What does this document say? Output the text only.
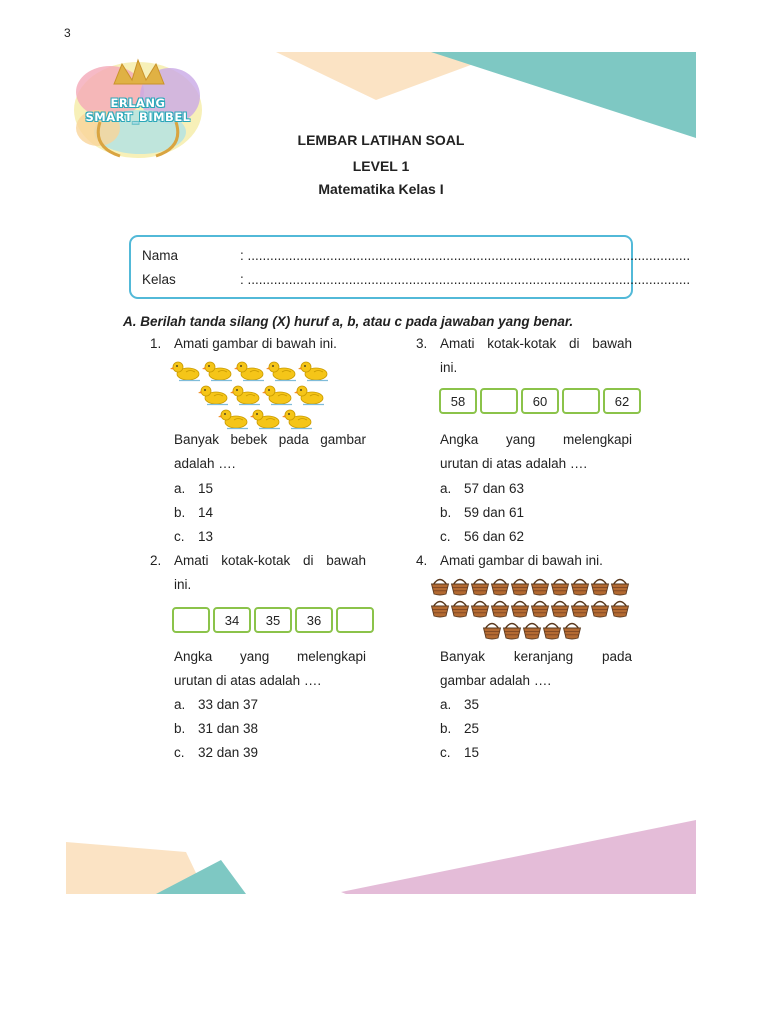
3
ERLANG
SMART_BIMBEL
LEMBAR LATIHAN SOAL
LEVEL 1
Matematika Kelas I
Nama	: ......................................................................................................................
Kelas	: ......................................................................................................................
A. Berilah tanda silang (X) huruf a, b, atau c pada jawaban yang benar.
1. Amati gambar di bawah ini.
Banyak bebek pada gambar
adalah ….
a. 15
b. 14
c. 13
2. Amati kotak-kotak di bawah
ini.
34	35	36
Angka yang melengkapi
urutan di atas adalah ….
a. 33 dan 37
b. 31 dan 38
c. 32 dan 39
3. Amati kotak-kotak di bawah
ini.
58	60	62
Angka yang melengkapi
urutan di atas adalah ….
a. 57 dan 63
b. 59 dan 61
c. 56 dan 62
4. Amati gambar di bawah ini.
Banyak keranjang pada
gambar adalah ….
a. 35
b. 25
c. 15
